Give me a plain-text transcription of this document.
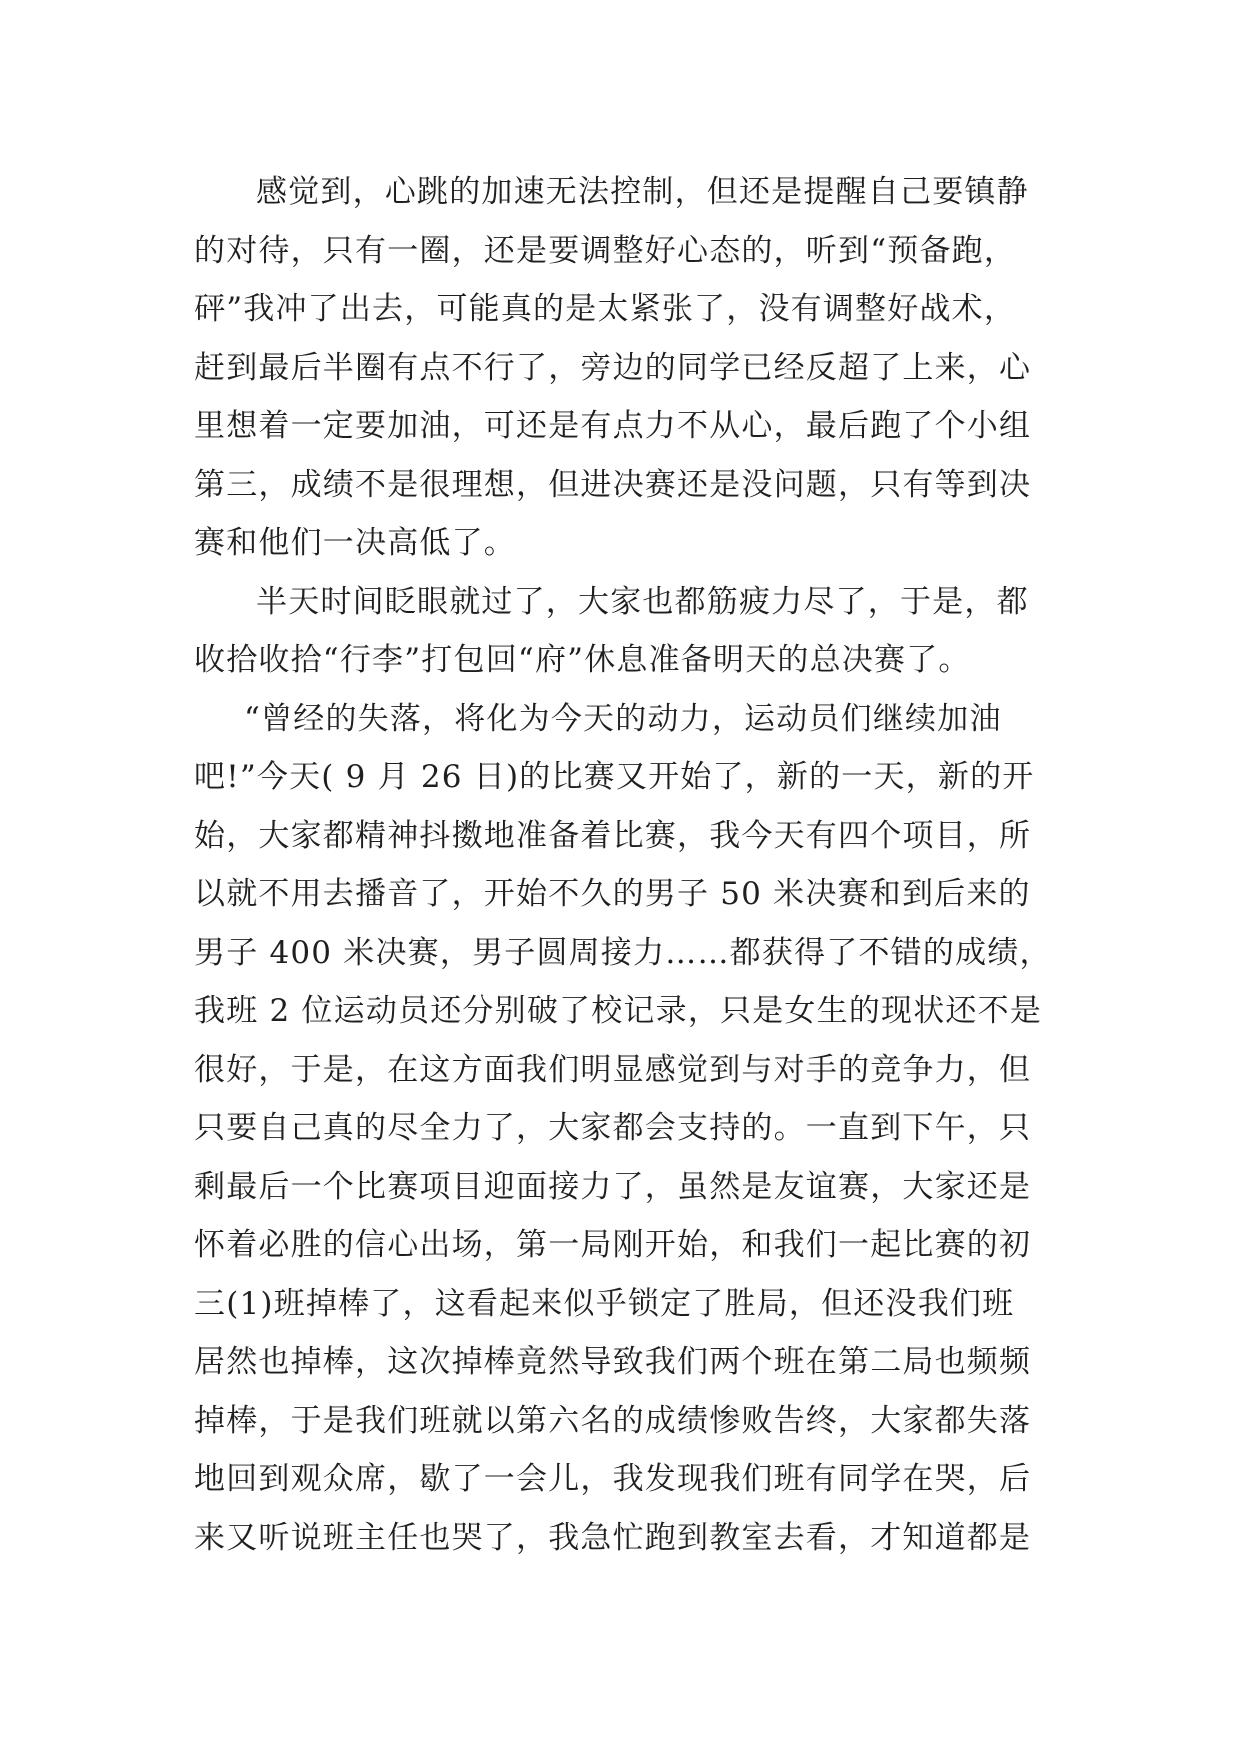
感觉到，心跳的加速无法控制，但还是提醒自己要镇静
的对待，只有一圈，还是要调整好心态的，听到“预备跑，
砰”我冲了出去，可能真的是太紧张了，没有调整好战术，
赶到最后半圈有点不行了，旁边的同学已经反超了上来，心
里想着一定要加油，可还是有点力不从心，最后跑了个小组
第三，成绩不是很理想，但进决赛还是没问题，只有等到决
赛和他们一决高低了。
半天时间眨眼就过了，大家也都筋疲力尽了，于是，都
收拾收拾“行李”打包回“府”休息准备明天的总决赛了。
“曾经的失落，将化为今天的动力，运动员们继续加油
吧!”今天( 9 月 26 日)的比赛又开始了，新的一天，新的开
始，大家都精神抖擞地准备着比赛，我今天有四个项目，所
以就不用去播音了，开始不久的男子 50 米决赛和到后来的
男子 400 米决赛，男子圆周接力……都获得了不错的成绩，
我班 2 位运动员还分别破了校记录，只是女生的现状还不是
很好，于是，在这方面我们明显感觉到与对手的竞争力，但
只要自己真的尽全力了，大家都会支持的。一直到下午，只
剩最后一个比赛项目迎面接力了，虽然是友谊赛，大家还是
怀着必胜的信心出场，第一局刚开始，和我们一起比赛的初
三(1)班掉棒了，这看起来似乎锁定了胜局，但还没我们班
居然也掉棒，这次掉棒竟然导致我们两个班在第二局也频频
掉棒，于是我们班就以第六名的成绩惨败告终，大家都失落
地回到观众席，歇了一会儿，我发现我们班有同学在哭，后
来又听说班主任也哭了，我急忙跑到教室去看，才知道都是
